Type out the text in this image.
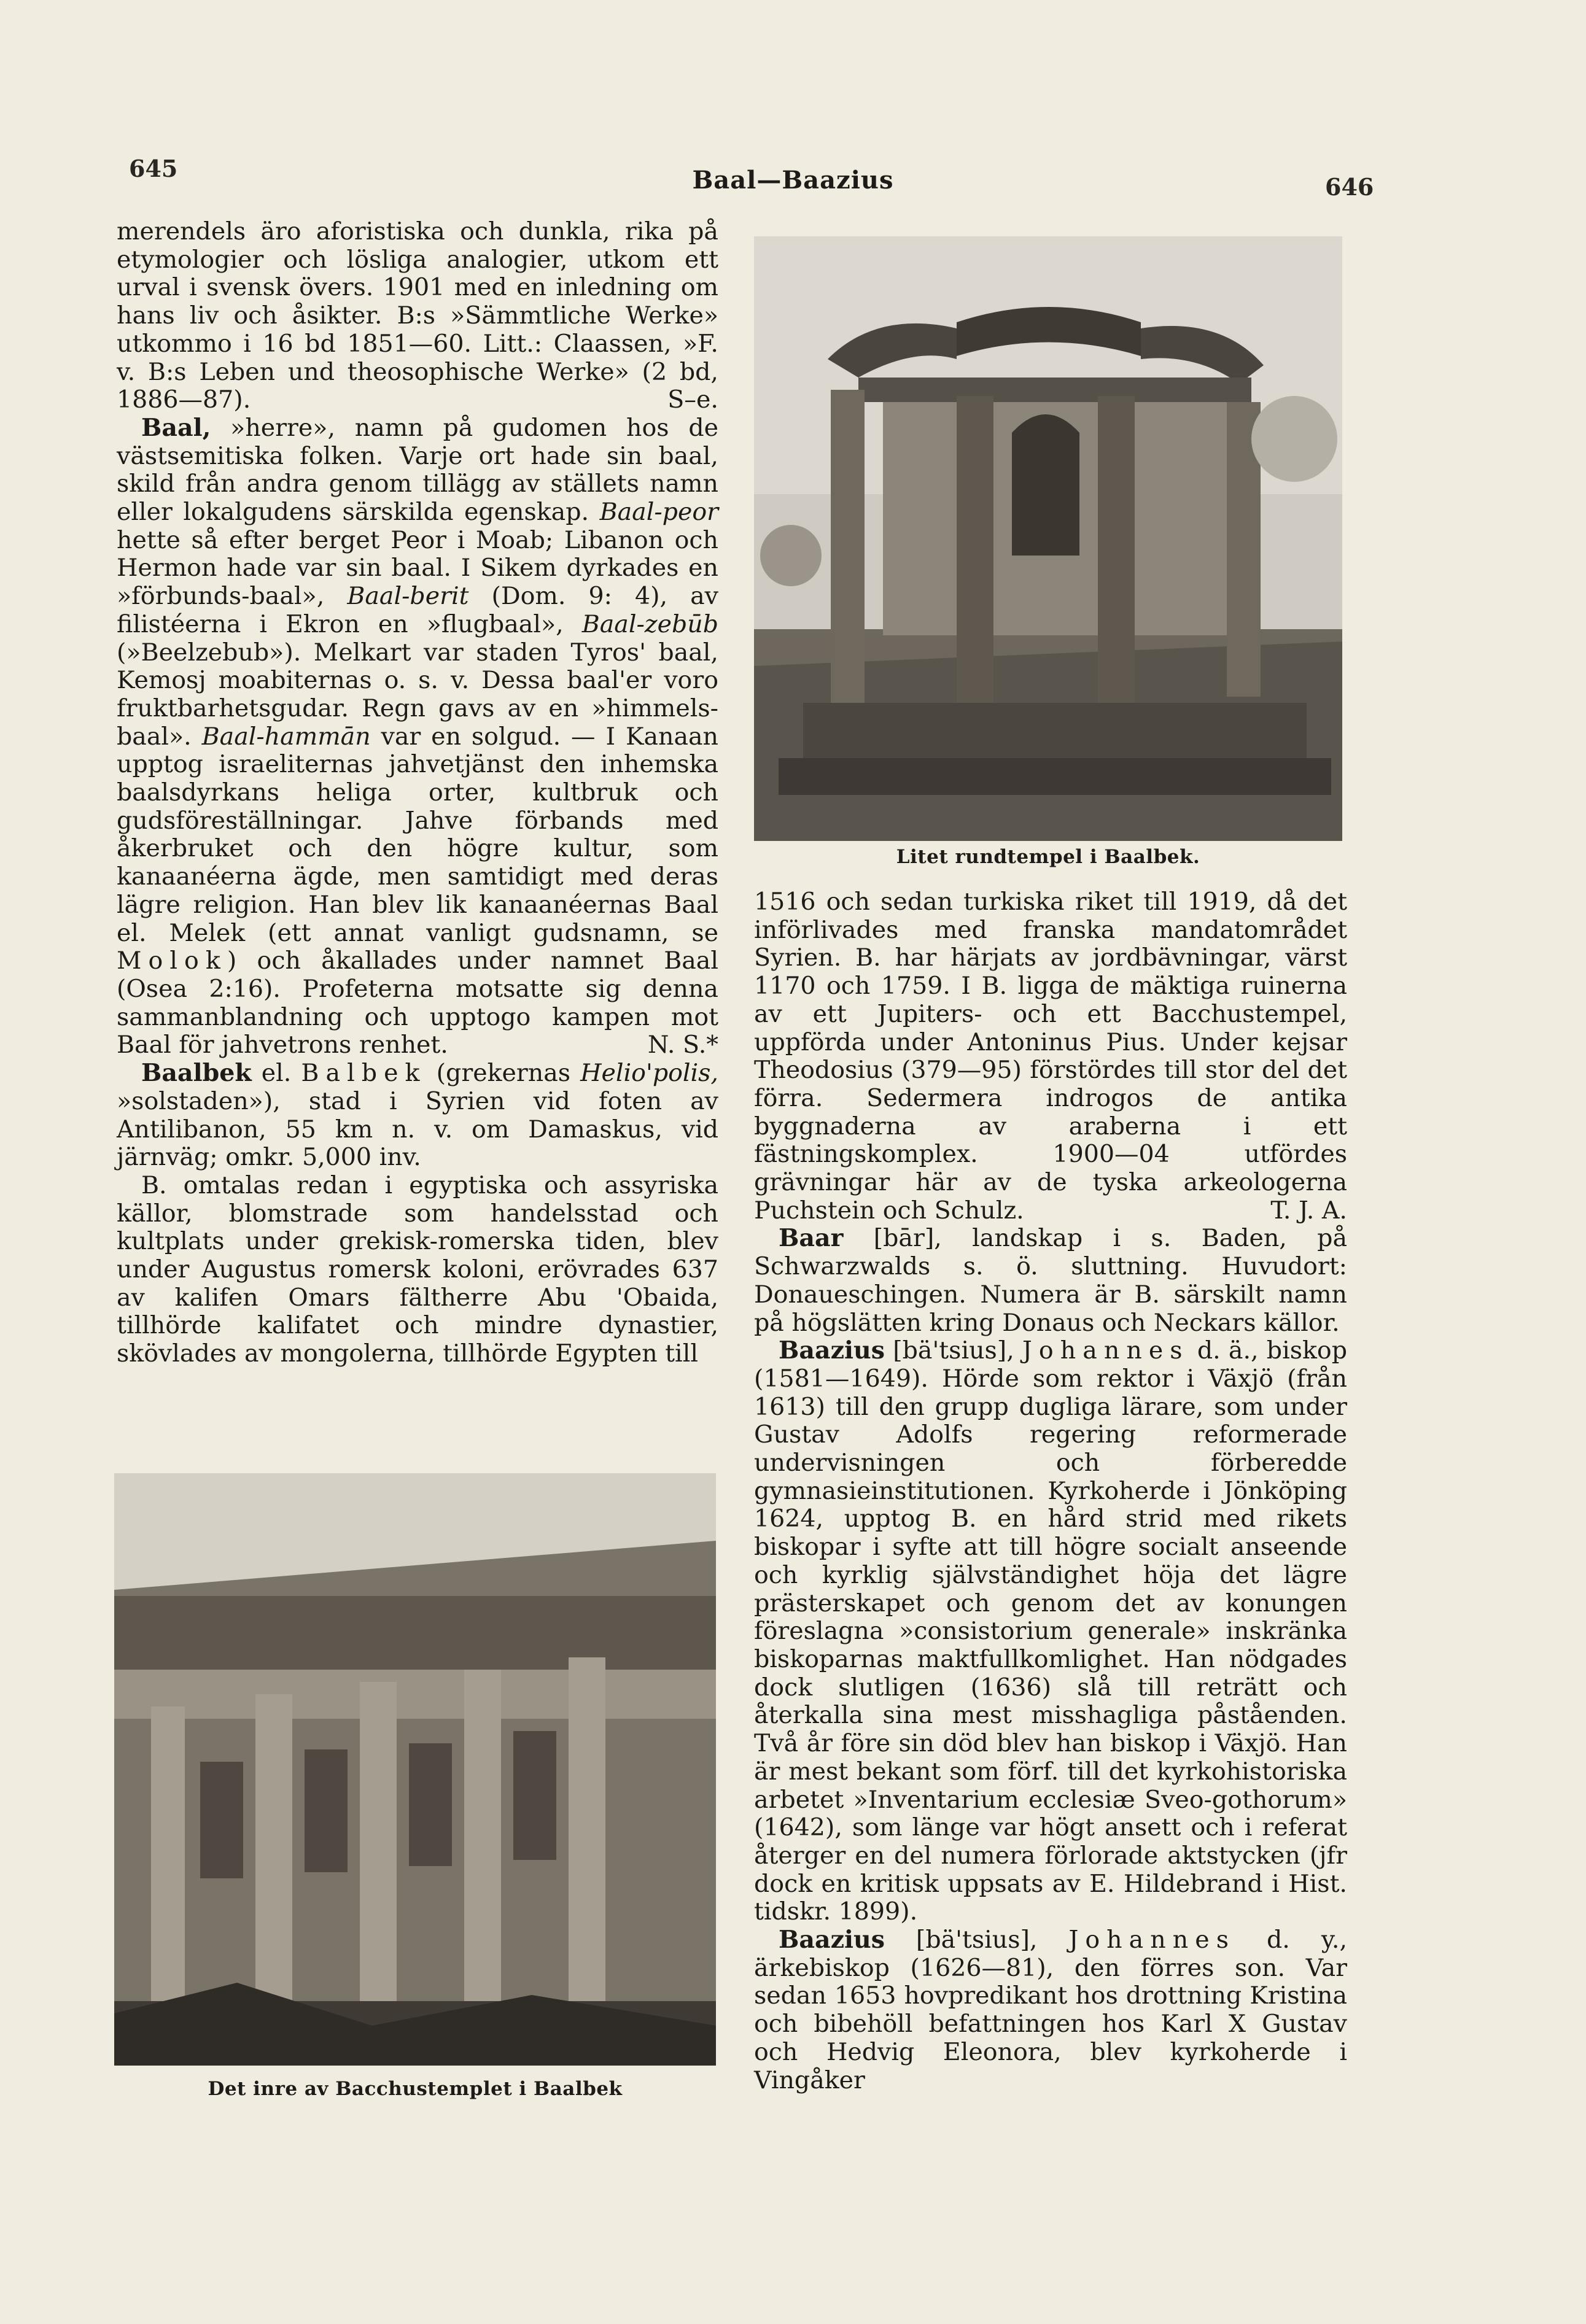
645	Baal—Baazius	646

merendels äro aforistiska och dunkla, rika på etymologier och lösliga analogier, utkom ett urval i svensk övers. 1901 med en inledning om hans liv och åsikter. B:s »Sämmtliche Werke» utkommo i 16 bd 1851—60. Litt.: Claassen, »F. v. B:s Leben und theosophische Werke» (2 bd, 1886—87).	S–e.

Baal, »herre», namn på gudomen hos de västsemitiska folken. Varje ort hade sin baal, skild från andra genom tillägg av ställets namn eller lokalgudens särskilda egenskap. Baal-peor hette så efter berget Peor i Moab; Libanon och Hermon hade var sin baal. I Sikem dyrkades en »förbunds-baal», Baal-berit (Dom. 9: 4), av filistéerna i Ekron en »flugbaal», Baal-zebūb (»Beelzebub»). Melkart var staden Tyros' baal, Kemosj moabiternas o. s. v. Dessa baal'er voro fruktbarhetsgudar. Regn gavs av en »himmels-baal». Baal-hammān var en solgud. — I Kanaan upptog israeliternas jahvetjänst den inhemska baalsdyrkans heliga orter, kultbruk och gudsföreställningar. Jahve förbands med åkerbruket och den högre kultur, som kanaanéerna ägde, men samtidigt med deras lägre religion. Han blev lik kanaanéernas Baal el. Melek (ett annat vanligt gudsnamn, se Molok) och åkallades under namnet Baal (Osea 2:16). Profeterna motsatte sig denna sammanblandning och upptogo kampen mot Baal för jahvetrons renhet.	N. S.*

Baalbek el. Balbek (grekernas Helio'polis, »solstaden»), stad i Syrien vid foten av Antilibanon, 55 km n. v. om Damaskus, vid järnväg; omkr. 5,000 inv.

B. omtalas redan i egyptiska och assyriska källor, blomstrade som handelsstad och kultplats under grekisk-romerska tiden, blev under Augustus romersk koloni, erövrades 637 av kalifen Omars fältherre Abu 'Obaida, tillhörde kalifatet och mindre dynastier, skövlades av mongolerna, tillhörde Egypten till

Litet rundtempel i Baalbek.

1516 och sedan turkiska riket till 1919, då det införlivades med franska mandatområdet Syrien. B. har härjats av jordbävningar, värst 1170 och 1759. I B. ligga de mäktiga ruinerna av ett Jupiters- och ett Bacchustempel, uppförda under Antoninus Pius. Under kejsar Theodosius (379—95) förstördes till stor del det förra. Sedermera indrogos de antika byggnaderna av araberna i ett fästningskomplex. 1900—04 utfördes grävningar här av de tyska arkeologerna Puchstein och Schulz.	T. J. A.

Baar [bār], landskap i s. Baden, på Schwarzwalds s. ö. sluttning. Huvudort: Donaueschingen. Numera är B. särskilt namn på högslätten kring Donaus och Neckars källor.

Baazius [bä'tsius], Johannes d. ä., biskop (1581—1649). Hörde som rektor i Växjö (från 1613) till den grupp dugliga lärare, som under Gustav Adolfs regering reformerade undervisningen och förberedde gymnasieinstitutionen. Kyrkoherde i Jönköping 1624, upptog B. en hård strid med rikets biskopar i syfte att till högre socialt anseende och kyrklig självständighet höja det lägre prästerskapet och genom det av konungen föreslagna »consistorium generale» inskränka biskoparnas maktfullkomlighet. Han nödgades dock slutligen (1636) slå till reträtt och återkalla sina mest misshagliga påståenden. Två år före sin död blev han biskop i Växjö. Han är mest bekant som förf. till det kyrkohistoriska arbetet »Inventarium ecclesiæ Sveo-gothorum» (1642), som länge var högt ansett och i referat återger en del numera förlorade aktstycken (jfr dock en kritisk uppsats av E. Hildebrand i Hist. tidskr. 1899).

Baazius [bä'tsius], Johannes d. y., ärkebiskop (1626—81), den förres son. Var sedan 1653 hovpredikant hos drottning Kristina och bibehöll befattningen hos Karl X Gustav och Hedvig Eleonora, blev kyrkoherde i Vingåker

Det inre av Bacchustemplet i Baalbek
